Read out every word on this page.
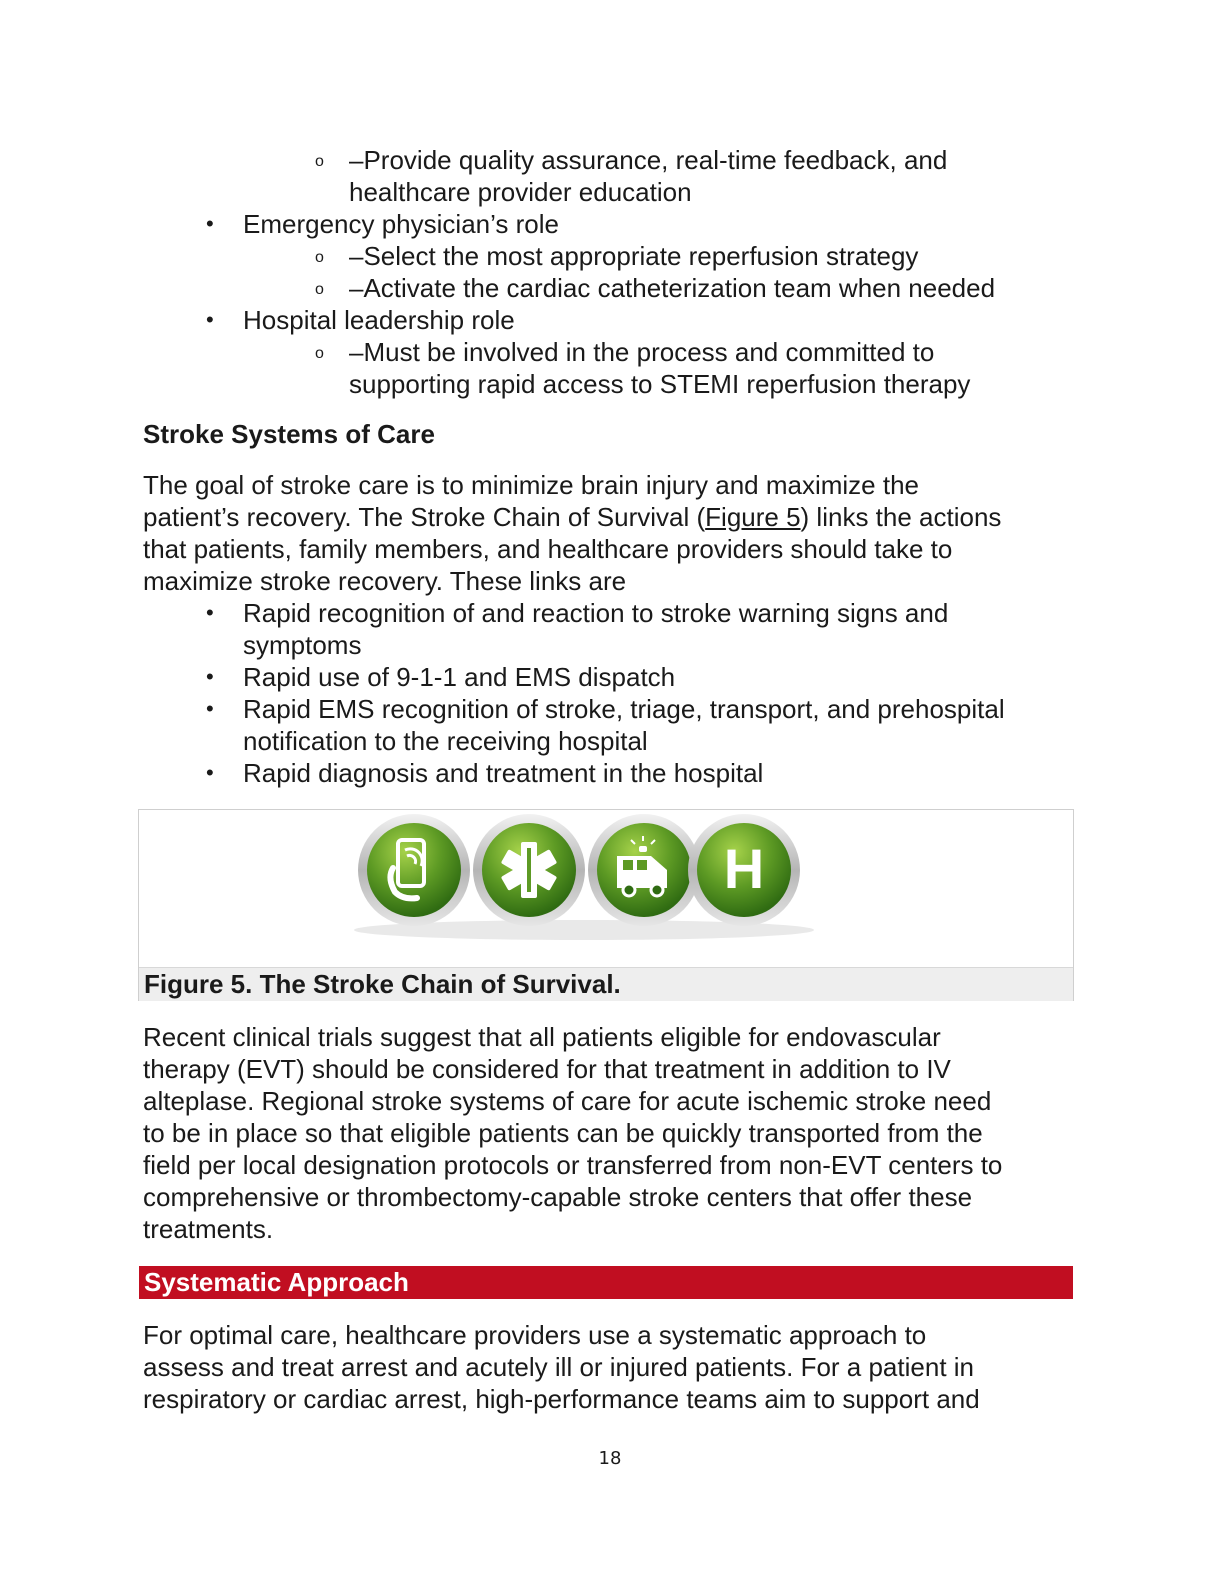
o –Provide quality assurance, real-time feedback, and
healthcare provider education
• Emergency physician’s role
o –Select the most appropriate reperfusion strategy
o –Activate the cardiac catheterization team when needed
• Hospital leadership role
o –Must be involved in the process and committed to
supporting rapid access to STEMI reperfusion therapy
Stroke Systems of Care

The goal of stroke care is to minimize brain injury and maximize the
patient’s recovery. The Stroke Chain of Survival (Figure 5) links the actions
that patients, family members, and healthcare providers should take to
maximize stroke recovery. These links are

• Rapid recognition of and reaction to stroke warning signs and
symptoms
• Rapid use of 9-1-1 and EMS dispatch
• Rapid EMS recognition of stroke, triage, transport, and prehospital
notification to the receiving hospital
• Rapid diagnosis and treatment in the hospital
H
Figure 5. The Stroke Chain of Survival.

Recent clinical trials suggest that all patients eligible for endovascular
therapy (EVT) should be considered for that treatment in addition to IV
alteplase. Regional stroke systems of care for acute ischemic stroke need
to be in place so that eligible patients can be quickly transported from the
field per local designation protocols or transferred from non-EVT centers to
comprehensive or thrombectomy-capable stroke centers that offer these
treatments.

Systematic Approach

For optimal care, healthcare providers use a systematic approach to
assess and treat arrest and acutely ill or injured patients. For a patient in
respiratory or cardiac arrest, high-performance teams aim to support and

18
